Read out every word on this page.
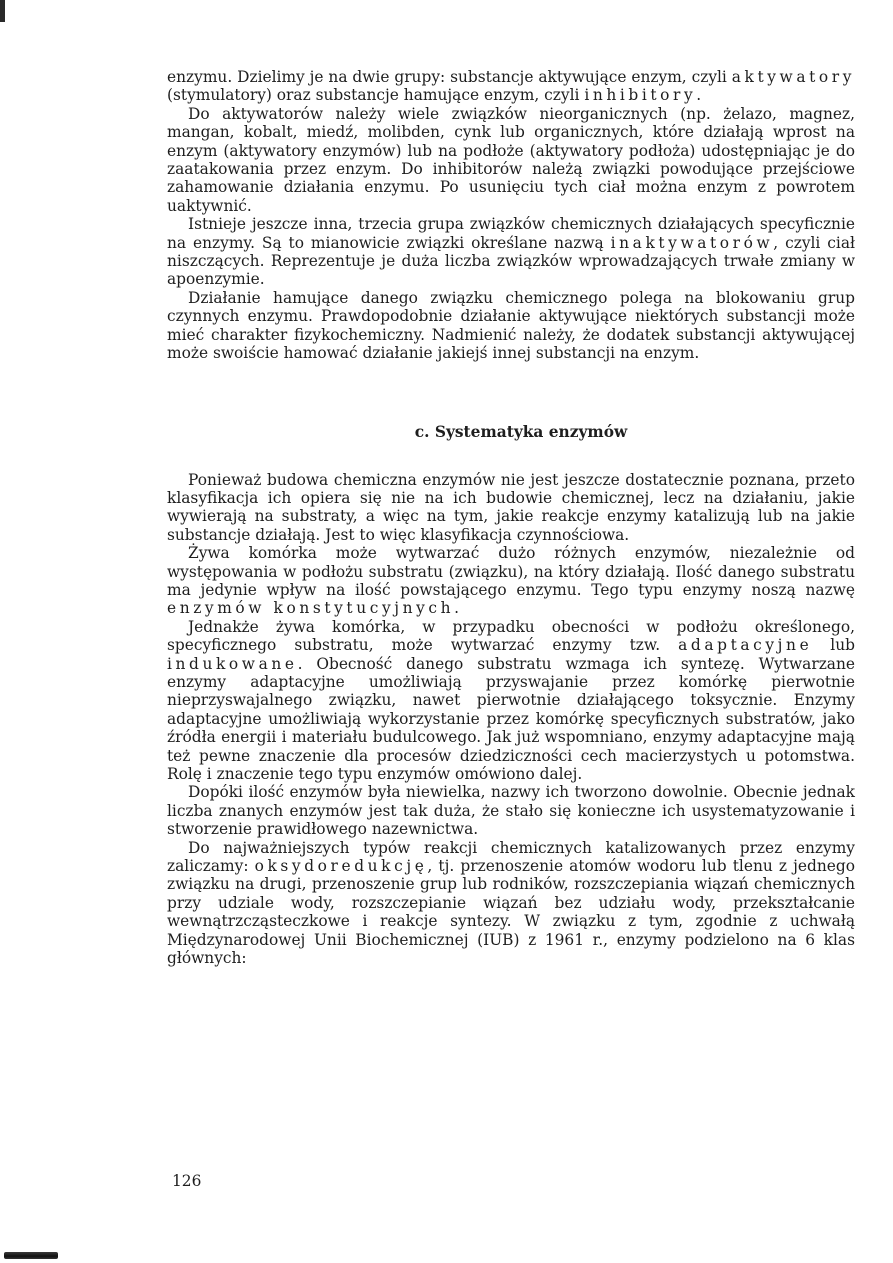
enzymu. Dzielimy je na dwie grupy: substancje aktywujące enzym, czyli aktywatory (stymulatory) oraz substancje hamujące enzym, czyli inhibitory.

Do aktywatorów należy wiele związków nieorganicznych (np. żelazo, magnez, mangan, kobalt, miedź, molibden, cynk lub organicznych, które działają wprost na enzym (aktywatory enzymów) lub na podłoże (aktywatory podłoża) udostępniając je do zaatakowania przez enzym. Do inhibitorów należą związki powodujące przejściowe zahamowanie działania enzymu. Po usunięciu tych ciał można enzym z powrotem uaktywnić.

Istnieje jeszcze inna, trzecia grupa związków chemicznych działających specyficznie na enzymy. Są to mianowicie związki określane nazwą inaktywatorów, czyli ciał niszczących. Reprezentuje je duża liczba związków wprowadzających trwałe zmiany w apoenzymie.

Działanie hamujące danego związku chemicznego polega na blokowaniu grup czynnych enzymu. Prawdopodobnie działanie aktywujące niektórych substancji może mieć charakter fizykochemiczny. Nadmienić należy, że dodatek substancji aktywującej może swoiście hamować działanie jakiejś innej substancji na enzym.

c. Systematyka enzymów

Ponieważ budowa chemiczna enzymów nie jest jeszcze dostatecznie poznana, przeto klasyfikacja ich opiera się nie na ich budowie chemicznej, lecz na działaniu, jakie wywierają na substraty, a więc na tym, jakie reakcje enzymy katalizują lub na jakie substancje działają. Jest to więc klasyfikacja czynnościowa.

Żywa komórka może wytwarzać dużo różnych enzymów, niezależnie od występowania w podłożu substratu (związku), na który działają. Ilość danego substratu ma jedynie wpływ na ilość powstającego enzymu. Tego typu enzymy noszą nazwę enzymów konstytucyjnych.

Jednakże żywa komórka, w przypadku obecności w podłożu określonego, specyficznego substratu, może wytwarzać enzymy tzw. adaptacyjne lub indukowane. Obecność danego substratu wzmaga ich syntezę. Wytwarzane enzymy adaptacyjne umożliwiają przyswajanie przez komórkę pierwotnie nieprzyswajalnego związku, nawet pierwotnie działającego toksycznie. Enzymy adaptacyjne umożliwiają wykorzystanie przez komórkę specyficznych substratów, jako źródła energii i materiału budulcowego. Jak już wspomniano, enzymy adaptacyjne mają też pewne znaczenie dla procesów dziedziczności cech macierzystych u potomstwa. Rolę i znaczenie tego typu enzymów omówiono dalej.

Dopóki ilość enzymów była niewielka, nazwy ich tworzono dowolnie. Obecnie jednak liczba znanych enzymów jest tak duża, że stało się konieczne ich usystematyzowanie i stworzenie prawidłowego nazewnictwa.

Do najważniejszych typów reakcji chemicznych katalizowanych przez enzymy zaliczamy: oksydoredukcję, tj. przenoszenie atomów wodoru lub tlenu z jednego związku na drugi, przenoszenie grup lub rodników, rozszczepiania wiązań chemicznych przy udziale wody, rozszczepianie wiązań bez udziału wody, przekształcanie wewnątrzcząsteczkowe i reakcje syntezy. W związku z tym, zgodnie z uchwałą Międzynarodowej Unii Biochemicznej (IUB) z 1961 r., enzymy podzielono na 6 klas głównych:

126
